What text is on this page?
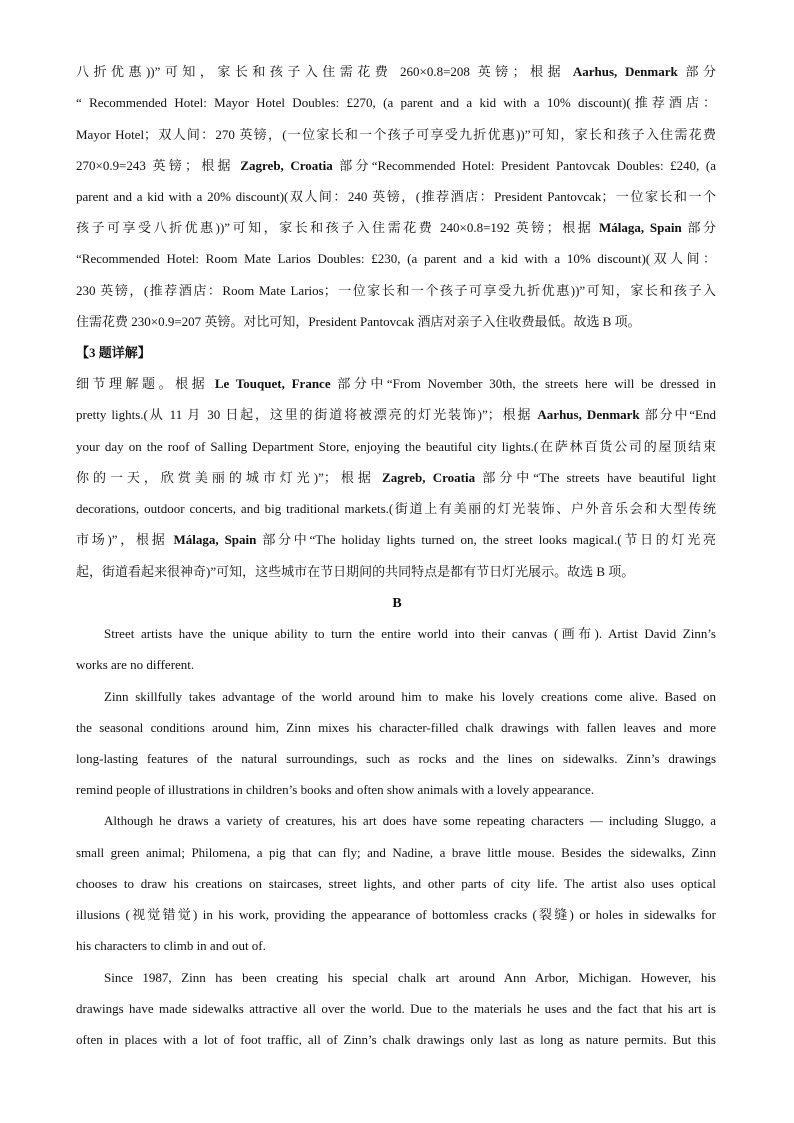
八折优惠))”可知，家长和孩子入住需花费 260×0.8=208 英镑；根据 Aarhus, Denmark 部分
“ Recommended Hotel: Mayor Hotel Doubles: £270, (a parent and a kid with a 10% discount)(推荐酒店：
Mayor Hotel；双人间：270 英镑，(一位家长和一个孩子可享受九折优惠))”可知，家长和孩子入住需花费
270×0.9=243 英镑；根据 Zagreb, Croatia 部分“Recommended Hotel: President Pantovcak Doubles: £240, (a
parent and a kid with a 20% discount)(双人间：240 英镑，(推荐酒店：President Pantovcak；一位家长和一个
孩子可享受八折优惠))”可知，家长和孩子入住需花费 240×0.8=192 英镑；根据 Málaga, Spain 部分
“Recommended Hotel: Room Mate Larios Doubles: £230, (a parent and a kid with a 10% discount)(双人间：
230 英镑，(推荐酒店：Room Mate Larios；一位家长和一个孩子可享受九折优惠))”可知，家长和孩子入
住需花费 230×0.9=207 英镑。对比可知，President Pantovcak 酒店对亲子入住收费最低。故选 B 项。
【3 题详解】
细节理解题。根据 Le Touquet, France 部分中“From November 30th, the streets here will be dressed in
pretty lights.(从 11 月 30 日起，这里的街道将被漂亮的灯光装饰)”；根据 Aarhus, Denmark 部分中“End
your day on the roof of Salling Department Store, enjoying the beautiful city lights.(在萨林百货公司的屋顶结束
你的一天，欣赏美丽的城市灯光)”；根据 Zagreb, Croatia 部分中“The streets have beautiful light
decorations, outdoor concerts, and big traditional markets.(街道上有美丽的灯光装饰、户外音乐会和大型传统
市场)”，根据 Málaga, Spain 部分中“The holiday lights turned on, the street looks magical.(节日的灯光亮
起，街道看起来很神奇)”可知，这些城市在节日期间的共同特点是都有节日灯光展示。故选 B 项。
B
Street artists have the unique ability to turn the entire world into their canvas (画布). Artist David Zinn’s
works are no different.
Zinn skillfully takes advantage of the world around him to make his lovely creations come alive. Based on
the seasonal conditions around him, Zinn mixes his character-filled chalk drawings with fallen leaves and more
long-lasting features of the natural surroundings, such as rocks and the lines on sidewalks. Zinn’s drawings
remind people of illustrations in children’s books and often show animals with a lovely appearance.
Although he draws a variety of creatures, his art does have some repeating characters — including Sluggo, a
small green animal; Philomena, a pig that can fly; and Nadine, a brave little mouse. Besides the sidewalks, Zinn
chooses to draw his creations on staircases, street lights, and other parts of city life. The artist also uses optical
illusions (视觉错觉) in his work, providing the appearance of bottomless cracks (裂缝) or holes in sidewalks for
his characters to climb in and out of.
Since 1987, Zinn has been creating his special chalk art around Ann Arbor, Michigan. However, his
drawings have made sidewalks attractive all over the world. Due to the materials he uses and the fact that his art is
often in places with a lot of foot traffic, all of Zinn’s chalk drawings only last as long as nature permits. But this
